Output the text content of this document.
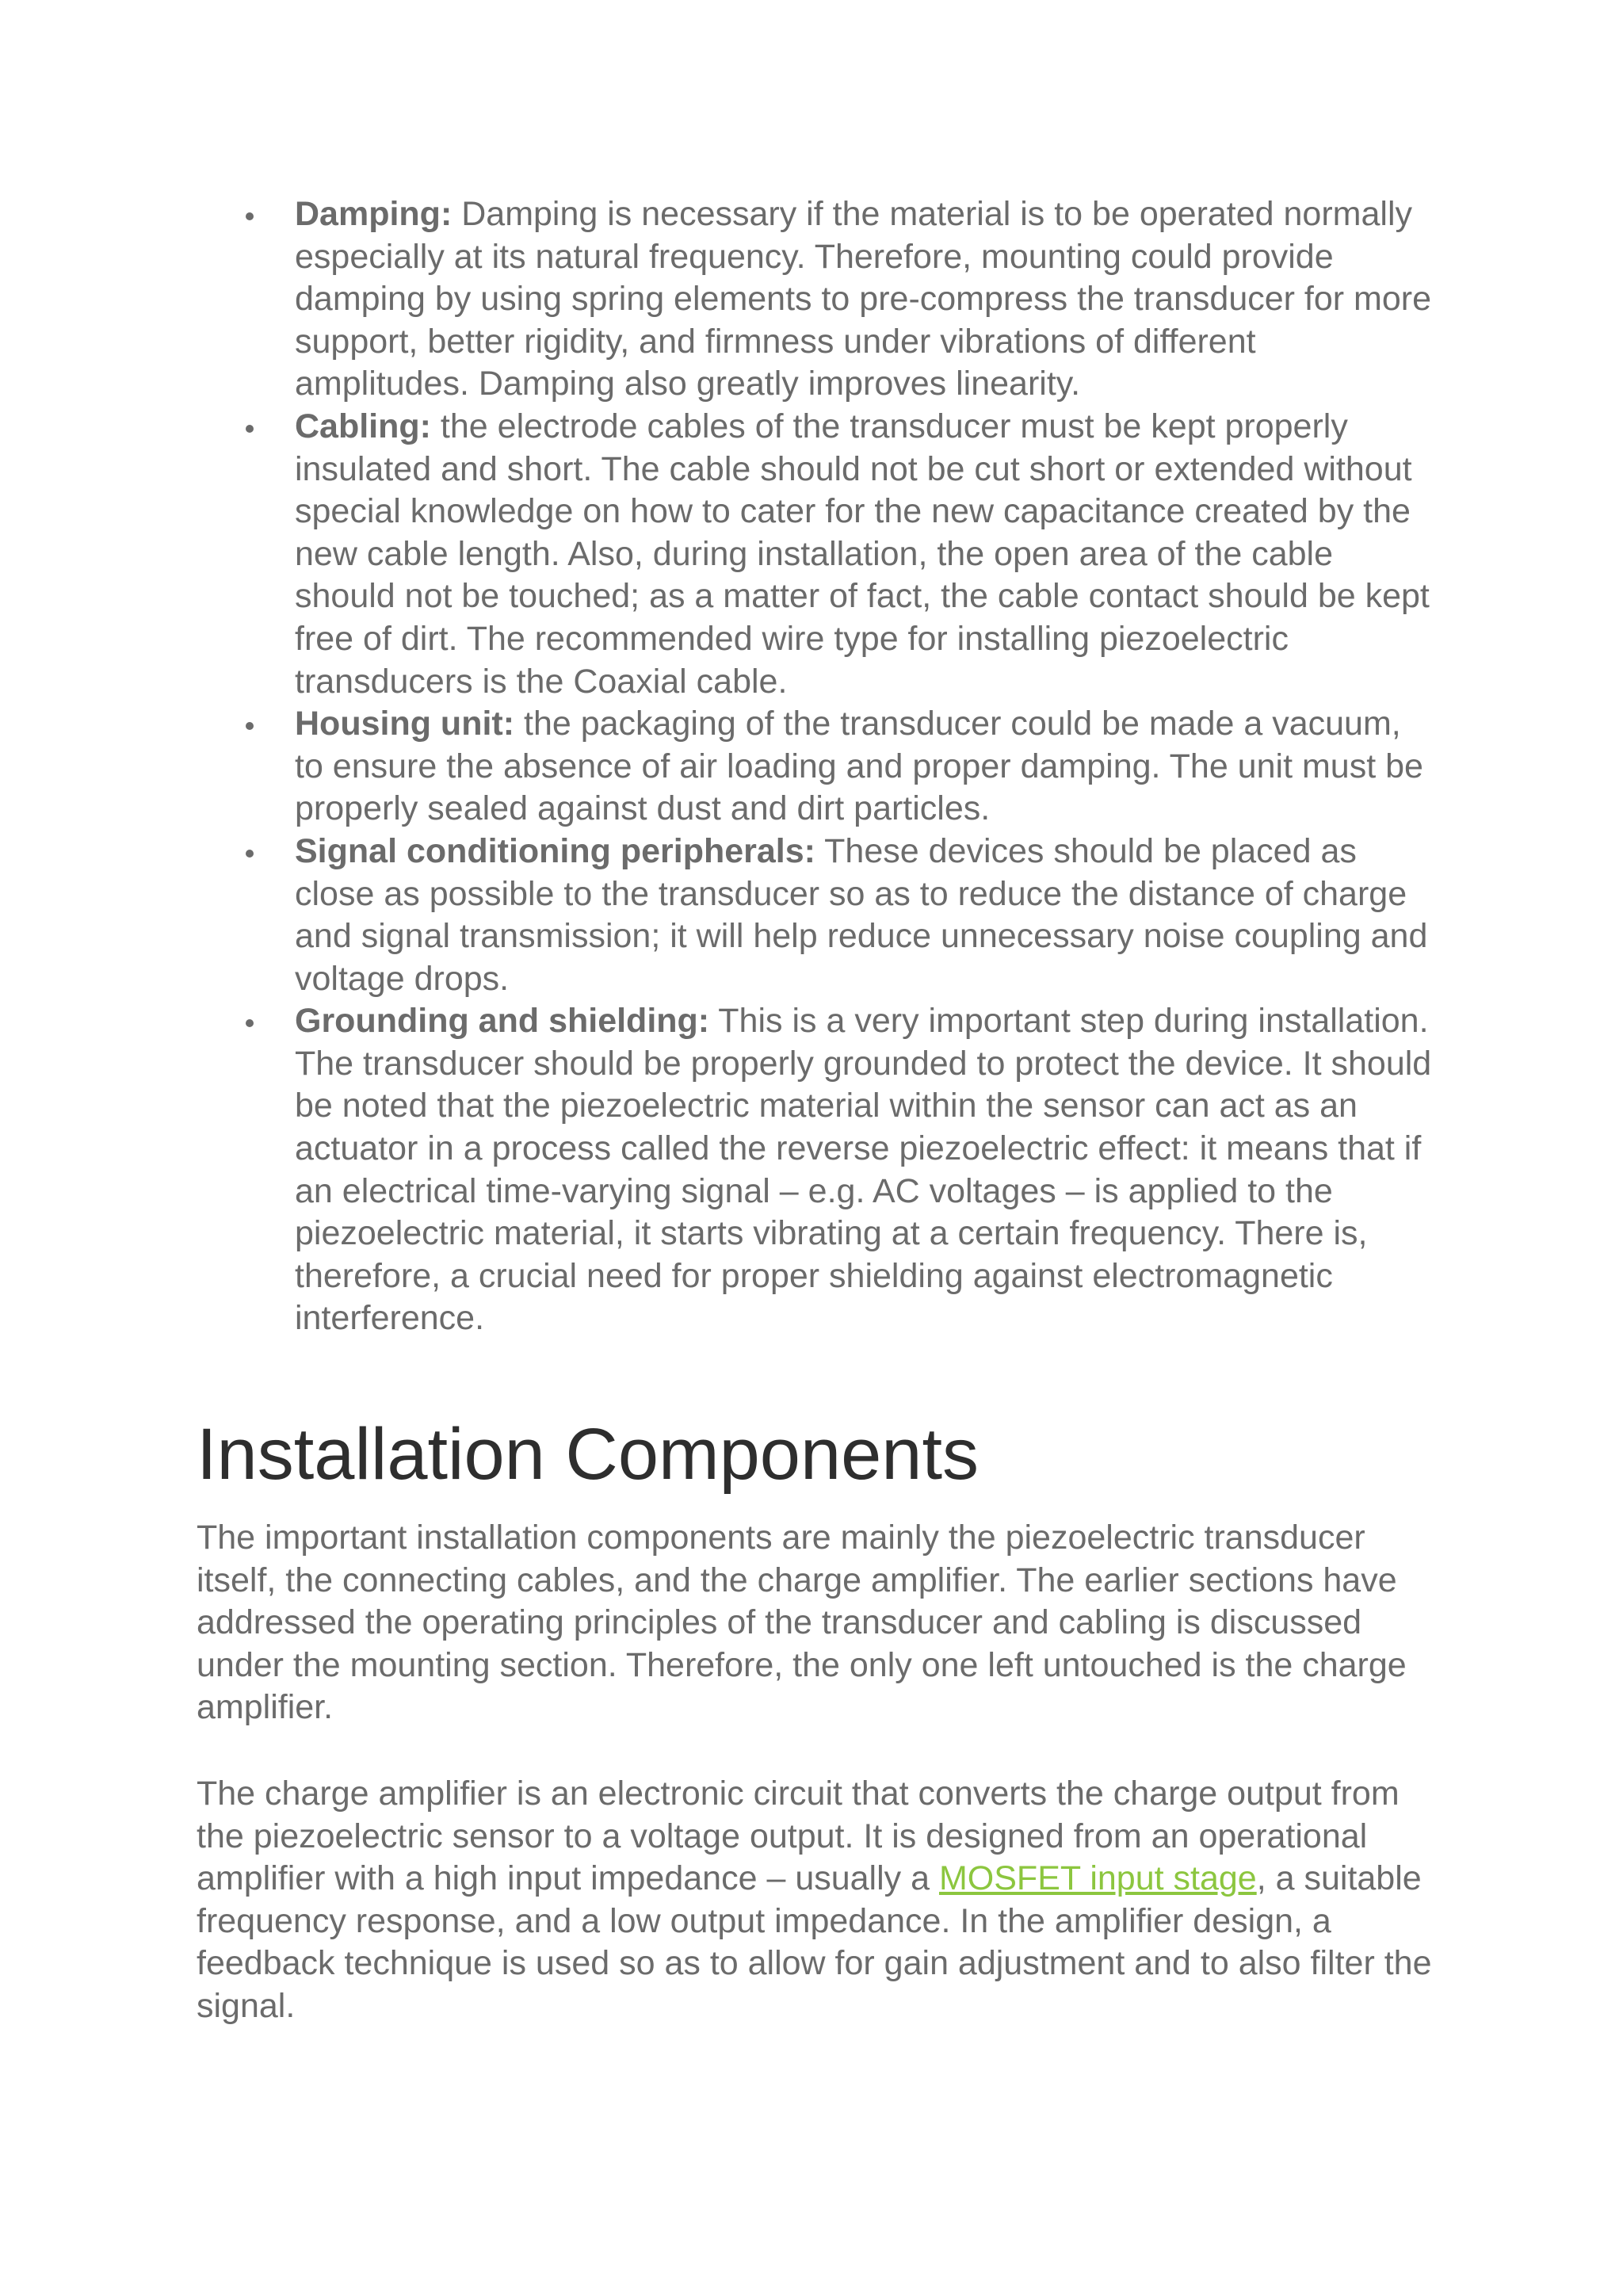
Damping: Damping is necessary if the material is to be operated normally especially at its natural frequency. Therefore, mounting could provide damping by using spring elements to pre-compress the transducer for more support, better rigidity, and firmness under vibrations of different amplitudes. Damping also greatly improves linearity.
Cabling: the electrode cables of the transducer must be kept properly insulated and short. The cable should not be cut short or extended without special knowledge on how to cater for the new capacitance created by the new cable length. Also, during installation, the open area of the cable should not be touched; as a matter of fact, the cable contact should be kept free of dirt. The recommended wire type for installing piezoelectric transducers is the Coaxial cable.
Housing unit: the packaging of the transducer could be made a vacuum, to ensure the absence of air loading and proper damping. The unit must be properly sealed against dust and dirt particles.
Signal conditioning peripherals: These devices should be placed as close as possible to the transducer so as to reduce the distance of charge and signal transmission; it will help reduce unnecessary noise coupling and voltage drops.
Grounding and shielding: This is a very important step during installation. The transducer should be properly grounded to protect the device. It should be noted that the piezoelectric material within the sensor can act as an actuator in a process called the reverse piezoelectric effect: it means that if an electrical time-varying signal – e.g. AC voltages – is applied to the piezoelectric material, it starts vibrating at a certain frequency. There is, therefore, a crucial need for proper shielding against electromagnetic interference.
Installation Components

The important installation components are mainly the piezoelectric transducer itself, the connecting cables, and the charge amplifier. The earlier sections have addressed the operating principles of the transducer and cabling is discussed under the mounting section. Therefore, the only one left untouched is the charge amplifier.

The charge amplifier is an electronic circuit that converts the charge output from the piezoelectric sensor to a voltage output. It is designed from an operational amplifier with a high input impedance – usually a MOSFET input stage, a suitable frequency response, and a low output impedance. In the amplifier design, a feedback technique is used so as to allow for gain adjustment and to also filter the signal.
